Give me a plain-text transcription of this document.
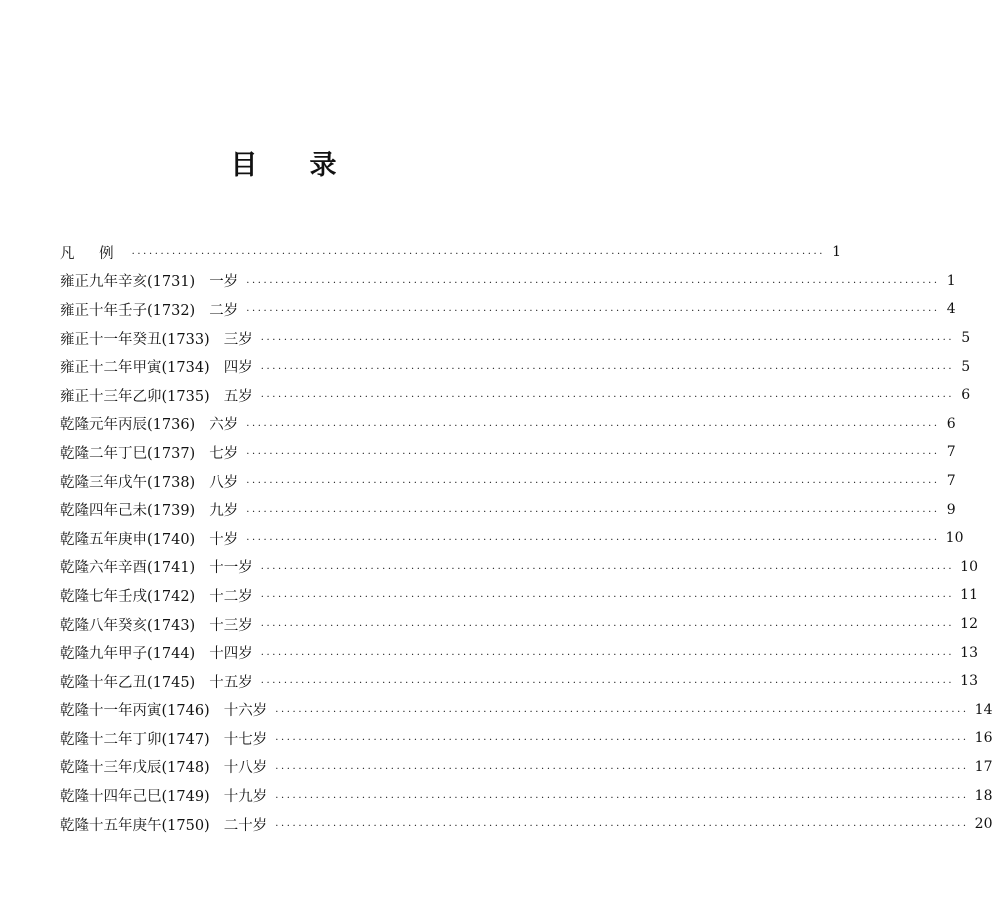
目 录
凡 例 ························································································································ 1
雍正九年辛亥(1731) 一岁 ························································································································ 1
雍正十年壬子(1732) 二岁 ························································································································ 4
雍正十一年癸丑(1733) 三岁 ························································································································ 5
雍正十二年甲寅(1734) 四岁 ························································································································ 5
雍正十三年乙卯(1735) 五岁 ························································································································ 6
乾隆元年丙辰(1736) 六岁 ························································································································ 6
乾隆二年丁巳(1737) 七岁 ························································································································ 7
乾隆三年戊午(1738) 八岁 ························································································································ 7
乾隆四年己未(1739) 九岁 ························································································································ 9
乾隆五年庚申(1740) 十岁 ························································································································ 10
乾隆六年辛酉(1741) 十一岁 ························································································································ 10
乾隆七年壬戌(1742) 十二岁 ························································································································ 11
乾隆八年癸亥(1743) 十三岁 ························································································································ 12
乾隆九年甲子(1744) 十四岁 ························································································································ 13
乾隆十年乙丑(1745) 十五岁 ························································································································ 13
乾隆十一年丙寅(1746) 十六岁 ························································································································ 14
乾隆十二年丁卯(1747) 十七岁 ························································································································ 16
乾隆十三年戊辰(1748) 十八岁 ························································································································ 17
乾隆十四年己巳(1749) 十九岁 ························································································································ 18
乾隆十五年庚午(1750) 二十岁 ························································································································ 20
